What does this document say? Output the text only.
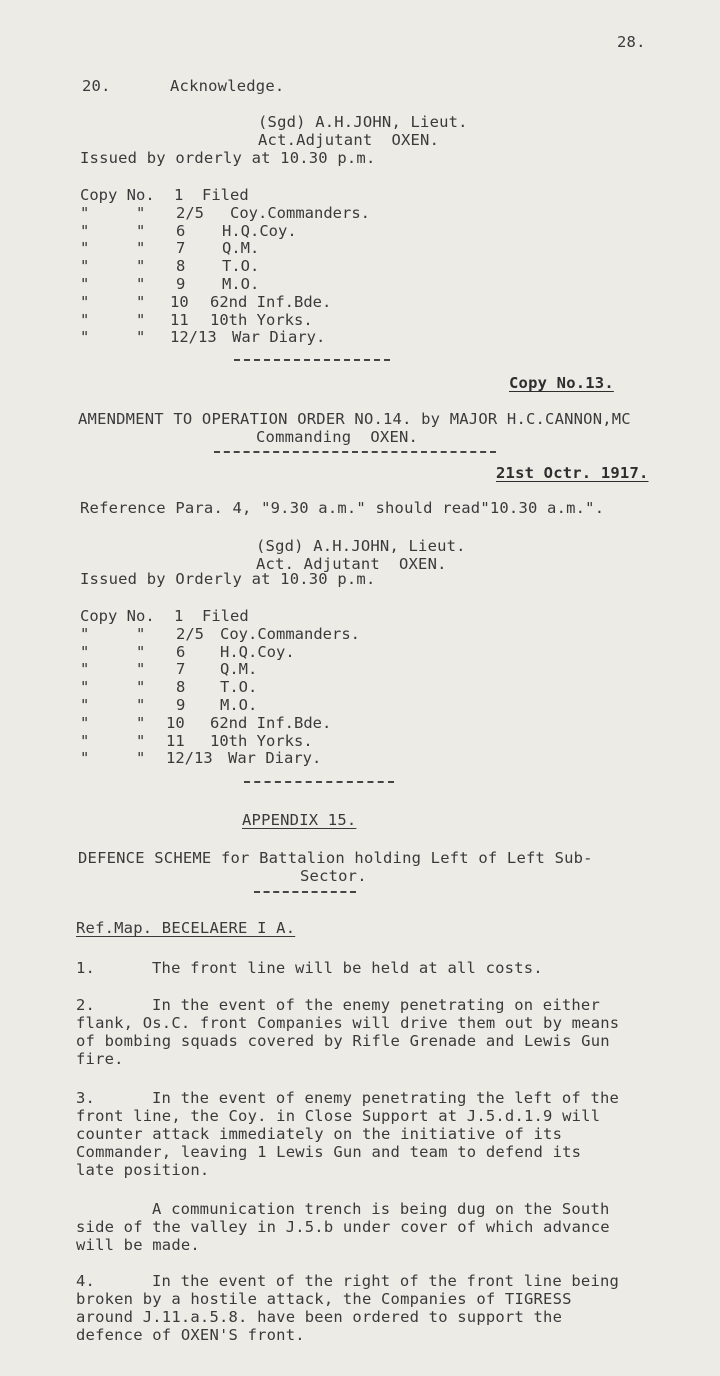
28.
20.	Acknowledge.
(Sgd) A.H.JOHN, Lieut.
Act.Adjutant  OXEN.
Issued by orderly at 10.30 p.m.
Copy No. 1 Filed
"     " 2/5 Coy.Commanders.
"     " 6 H.Q.Coy.
"     " 7 Q.M.
"     " 8 T.O.
"     " 9 M.O.
"     " 10 62nd Inf.Bde.
"     " 11 10th Yorks.
"     " 12/13 War Diary.
Copy No.13.
AMENDMENT TO OPERATION ORDER NO.14. by MAJOR H.C.CANNON,MC
Commanding  OXEN.
21st Octr. 1917.
Reference Para. 4, "9.30 a.m." should read"10.30 a.m.".
(Sgd) A.H.JOHN, Lieut.
Act. Adjutant  OXEN.
Issued by Orderly at 10.30 p.m.
Copy No. 1 Filed
"     " 2/5 Coy.Commanders.
"     " 6 H.Q.Coy.
"     " 7 Q.M.
"     " 8 T.O.
"     " 9 M.O.
"     " 10 62nd Inf.Bde.
"     " 11 10th Yorks.
"     " 12/13 War Diary.
APPENDIX 15.
DEFENCE SCHEME for Battalion holding Left of Left Sub-
Sector.
Ref.Map. BECELAERE I A.
1.	The front line will be held at all costs.
2.	In the event of the enemy penetrating on either
flank, Os.C. front Companies will drive them out by means
of bombing squads covered by Rifle Grenade and Lewis Gun
fire.
3.	In the event of enemy penetrating the left of the
front line, the Coy. in Close Support at J.5.d.1.9 will
counter attack immediately on the initiative of its
Commander, leaving 1 Lewis Gun and team to defend its
late position.
A communication trench is being dug on the South
side of the valley in J.5.b under cover of which advance
will be made.
4.	In the event of the right of the front line being
broken by a hostile attack, the Companies of TIGRESS
around J.11.a.5.8. have been ordered to support the
defence of OXEN'S front.
